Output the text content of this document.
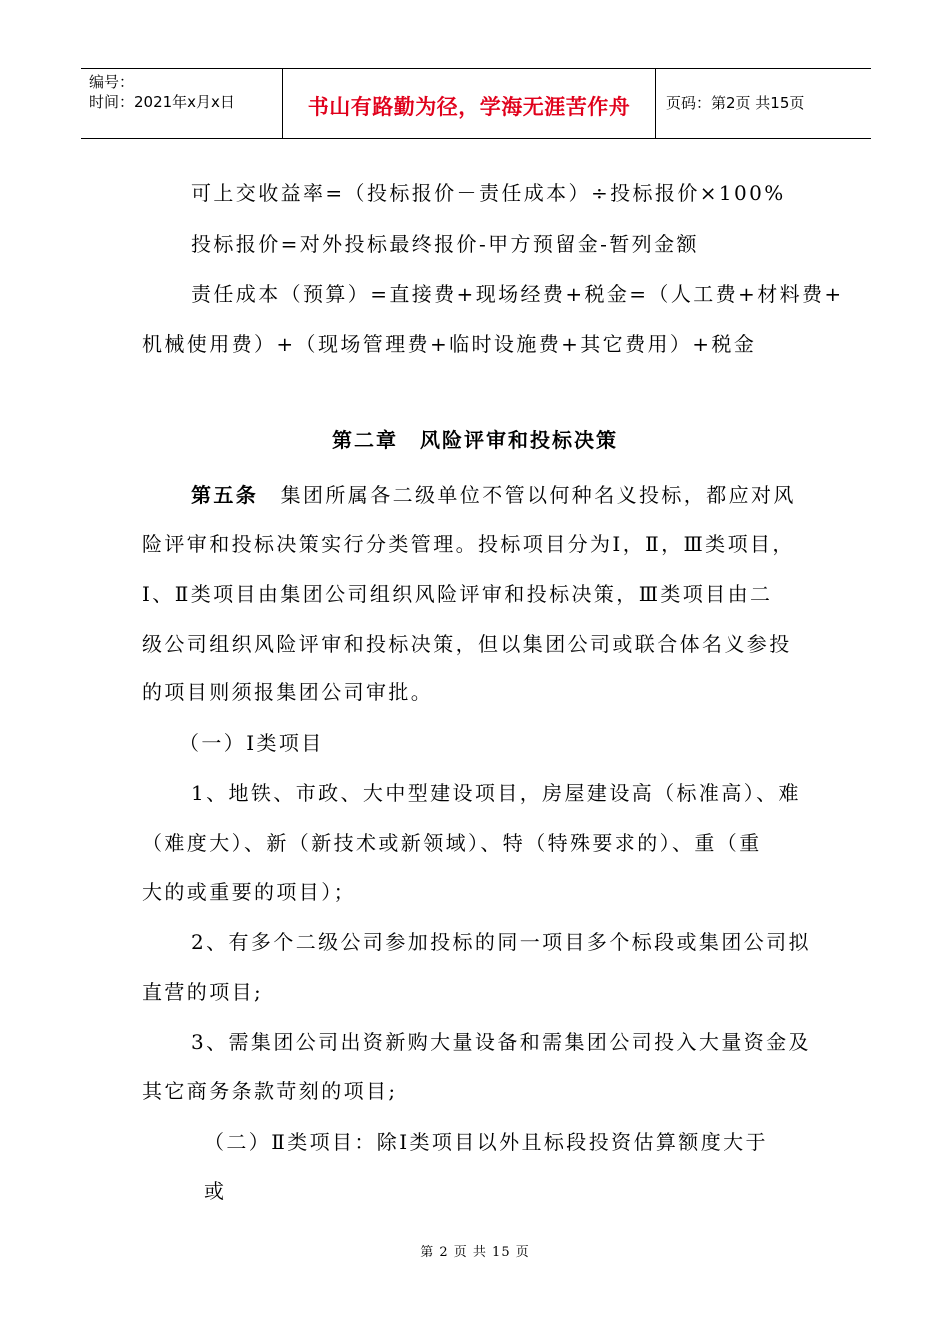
编号：
时间：2021年x月x日	书山有路勤为径，学海无涯苦作舟	页码：第2页 共15页
可上交收益率=（投标报价－责任成本）÷投标报价×100%
投标报价=对外投标最终报价-甲方预留金-暂列金额
责任成本（预算）=直接费+现场经费+税金=（人工费+材料费+
机械使用费）+（现场管理费+临时设施费+其它费用）+税金
第二章　风险评审和投标决策
第五条　集团所属各二级单位不管以何种名义投标，都应对风
险评审和投标决策实行分类管理。投标项目分为Ⅰ，Ⅱ，Ⅲ类项目，
Ⅰ、Ⅱ类项目由集团公司组织风险评审和投标决策，Ⅲ类项目由二
级公司组织风险评审和投标决策，但以集团公司或联合体名义参投
的项目则须报集团公司审批。
（一）Ⅰ类项目
1、地铁、市政、大中型建设项目，房屋建设高（标准高）、难
（难度大）、新（新技术或新领域）、特（特殊要求的）、重（重
大的或重要的项目）；
2、有多个二级公司参加投标的同一项目多个标段或集团公司拟
直营的项目;
3、需集团公司出资新购大量设备和需集团公司投入大量资金及
其它商务条款苛刻的项目;
（二）Ⅱ类项目：除Ⅰ类项目以外且标段投资估算额度大于
或
第 2 页 共 15 页
